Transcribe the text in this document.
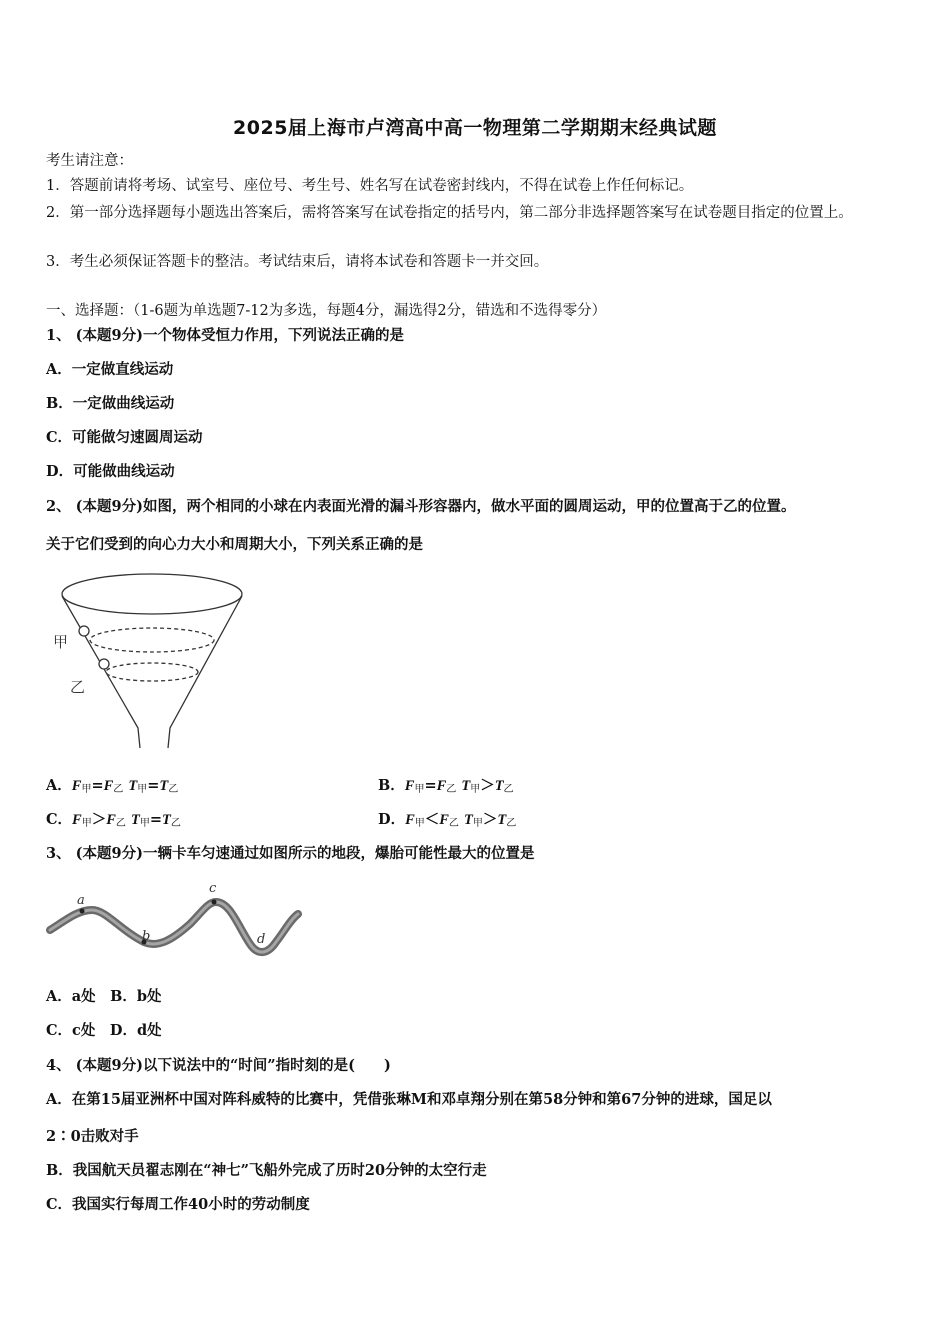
2025届上海市卢湾高中高一物理第二学期期末经典试题
考生请注意：
1．答题前请将考场、试室号、座位号、考生号、姓名写在试卷密封线内，不得在试卷上作任何标记。
2．第一部分选择题每小题选出答案后，需将答案写在试卷指定的括号内，第二部分非选择题答案写在试卷题目指定的位置上。
3．考生必须保证答题卡的整洁。考试结束后，请将本试卷和答题卡一并交回。
一、选择题：（1-6题为单选题7-12为多选，每题4分，漏选得2分，错选和不选得零分）
1、 (本题9分)一个物体受恒力作用，下列说法正确的是
A．一定做直线运动
B．一定做曲线运动
C．可能做匀速圆周运动
D．可能做曲线运动
2、 (本题9分)如图，两个相同的小球在内表面光滑的漏斗形容器内，做水平面的圆周运动，甲的位置高于乙的位置。
关于它们受到的向心力大小和周期大小，下列关系正确的是
甲
乙
A．$F_甲=F_乙$ $T_甲=T_乙$	B．$F_甲=F_乙$ $T_甲>T_乙$
C．$F_甲>F_乙$ $T_甲=T_乙$	D．$F_甲<F_乙$ $T_甲>T_乙$
3、 (本题9分)一辆卡车匀速通过如图所示的地段，爆胎可能性最大的位置是
a
b
c
d
A．a处　B．b处
C．c处　D．d处
4、 (本题9分)以下说法中的“时间”指时刻的是(　　)
A．在第15届亚洲杯中国对阵科威特的比赛中，凭借张琳M和邓卓翔分别在第58分钟和第67分钟的进球，国足以
2∶0击败对手
B．我国航天员翟志刚在“神七”飞船外完成了历时20分钟的太空行走
C．我国实行每周工作40小时的劳动制度
